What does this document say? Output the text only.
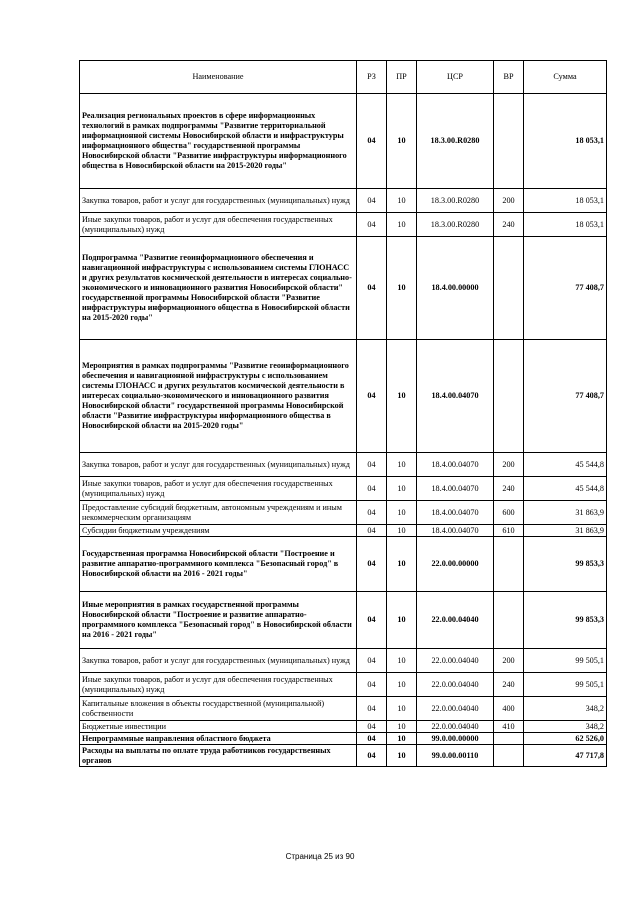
Наименование	РЗ	ПР	ЦСР	ВР	Сумма
Реализация региональных проектов в сфере информационных технологий в рамках подпрограммы "Развитие территориальной информационной системы Новосибирской области и инфраструктуры информационного общества" государственной программы Новосибирской области "Развитие инфраструктуры информационного общества в Новосибирской области на 2015-2020 годы"	04	10	18.3.00.R0280		18 053,1
Закупка товаров, работ и услуг для государственных (муниципальных) нужд	04	10	18.3.00.R0280	200	18 053,1
Иные закупки товаров, работ и услуг для обеспечения государственных (муниципальных) нужд	04	10	18.3.00.R0280	240	18 053,1
Подпрограмма "Развитие геоинформационного обеспечения и навигационной инфраструктуры с использованием системы ГЛОНАСС и других результатов космической деятельности в интересах социально-экономического и инновационного развития Новосибирской области" государственной программы Новосибирской области "Развитие инфраструктуры информационного общества в Новосибирской области на 2015-2020 годы"	04	10	18.4.00.00000		77 408,7
Мероприятия в рамках подпрограммы "Развитие геоинформационного обеспечения и навигационной инфраструктуры с использованием системы ГЛОНАСС и других результатов космической деятельности в интересах социально-экономического и инновационного развития Новосибирской области" государственной программы Новосибирской области "Развитие инфраструктуры информационного общества в Новосибирской области на 2015-2020 годы"	04	10	18.4.00.04070		77 408,7
Закупка товаров, работ и услуг для государственных (муниципальных) нужд	04	10	18.4.00.04070	200	45 544,8
Иные закупки товаров, работ и услуг для обеспечения государственных (муниципальных) нужд	04	10	18.4.00.04070	240	45 544,8
Предоставление субсидий бюджетным, автономным учреждениям и иным некоммерческим организациям	04	10	18.4.00.04070	600	31 863,9
Субсидии бюджетным учреждениям	04	10	18.4.00.04070	610	31 863,9
Государственная программа Новосибирской области "Построение и развитие аппаратно-программного комплекса "Безопасный город" в Новосибирской области на 2016 - 2021 годы"	04	10	22.0.00.00000		99 853,3
Иные мероприятия в рамках государственной программы Новосибирской области "Построение и развитие аппаратно-программного комплекса "Безопасный город" в Новосибирской области на 2016 - 2021 годы"	04	10	22.0.00.04040		99 853,3
Закупка товаров, работ и услуг для государственных (муниципальных) нужд	04	10	22.0.00.04040	200	99 505,1
Иные закупки товаров, работ и услуг для обеспечения государственных (муниципальных) нужд	04	10	22.0.00.04040	240	99 505,1
Капитальные вложения в объекты государственной (муниципальной) собственности	04	10	22.0.00.04040	400	348,2
Бюджетные инвестиции	04	10	22.0.00.04040	410	348,2
Непрограммные направления областного бюджета	04	10	99.0.00.00000		62 526,0
Расходы на выплаты по оплате труда работников государственных органов	04	10	99.0.00.00110		47 717,8
Страница 25 из 90
